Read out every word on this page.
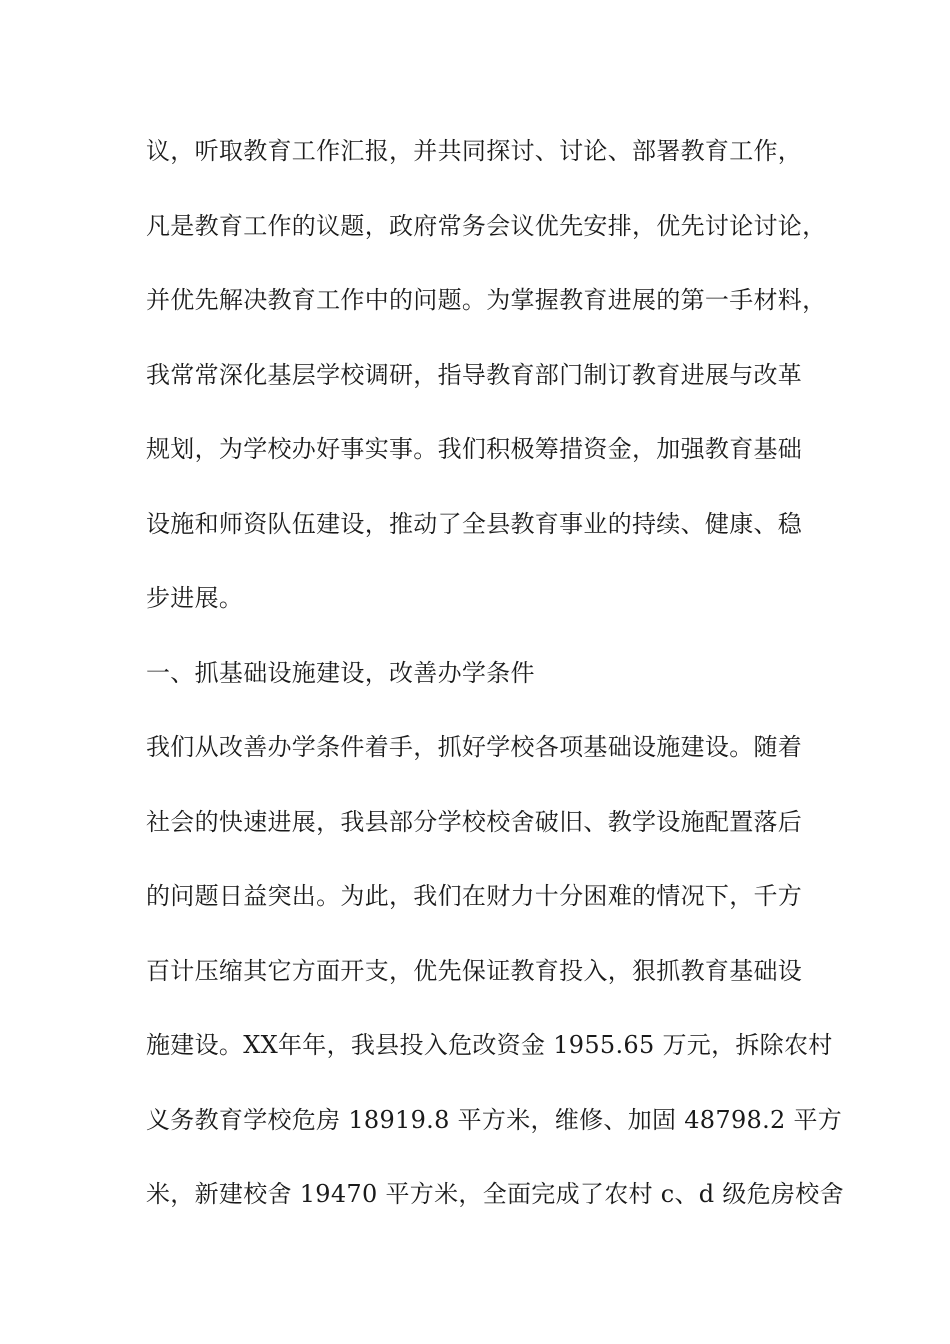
议，听取教育工作汇报，并共同探讨、讨论、部署教育工作，
凡是教育工作的议题，政府常务会议优先安排，优先讨论讨论，
并优先解决教育工作中的问题。为掌握教育进展的第一手材料，
我常常深化基层学校调研，指导教育部门制订教育进展与改革
规划，为学校办好事实事。我们积极筹措资金，加强教育基础
设施和师资队伍建设，推动了全县教育事业的持续、健康、稳
步进展。
一、抓基础设施建设，改善办学条件
我们从改善办学条件着手，抓好学校各项基础设施建设。随着
社会的快速进展，我县部分学校校舍破旧、教学设施配置落后
的问题日益突出。为此，我们在财力十分困难的情况下，千方
百计压缩其它方面开支，优先保证教育投入，狠抓教育基础设
施建设。XX年年，我县投入危改资金 1955.65 万元，拆除农村
义务教育学校危房 18919.8 平方米，维修、加固 48798.2 平方
米，新建校舍 19470 平方米，全面完成了农村 c、d 级危房校舍
